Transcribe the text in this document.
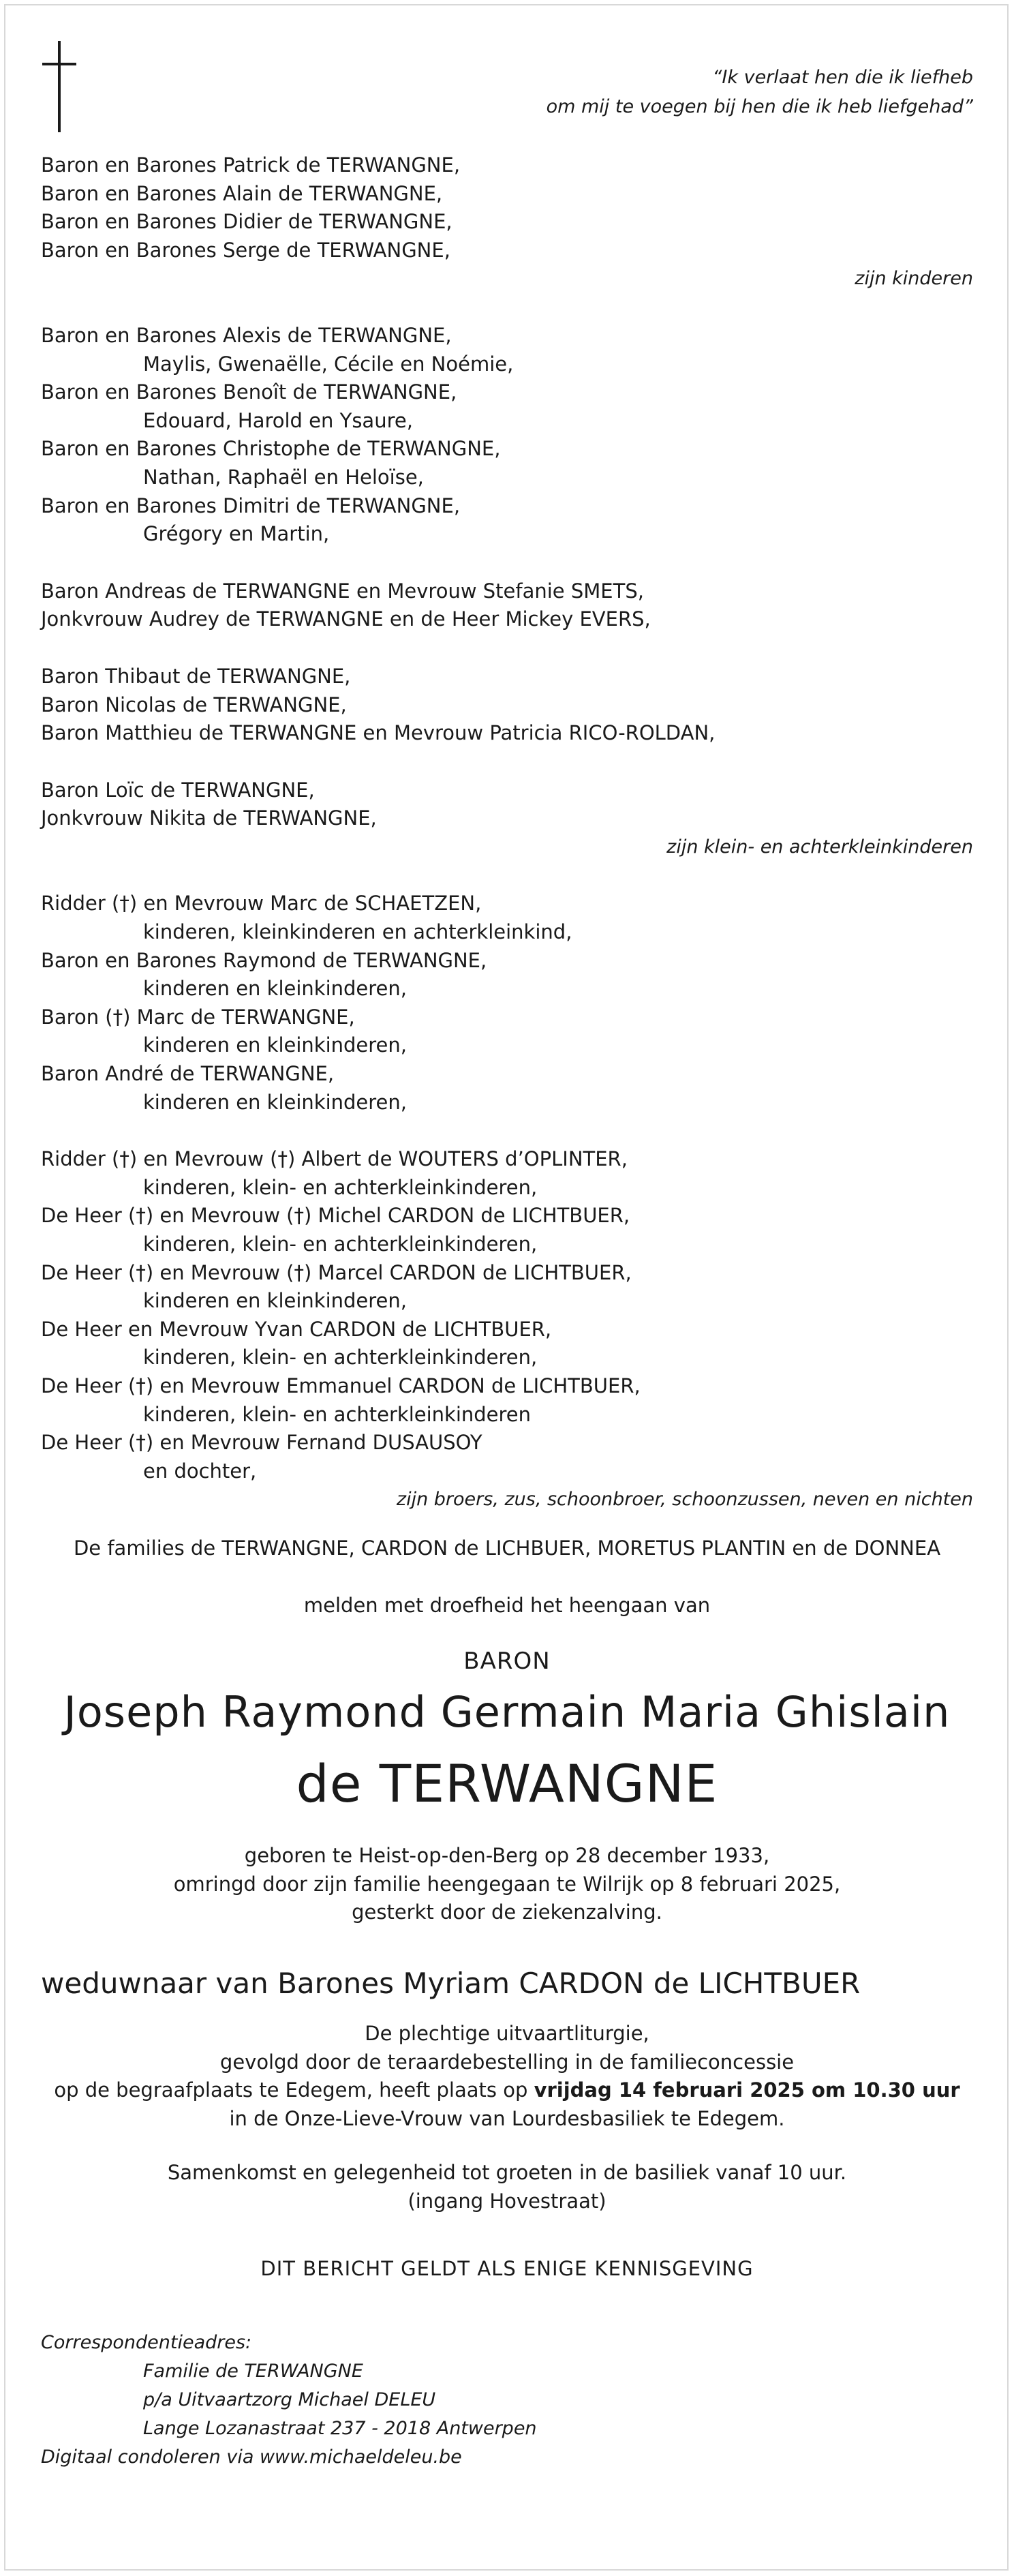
“Ik verlaat hen die ik liefheb
om mij te voegen bij hen die ik heb liefgehad”
Baron en Barones Patrick de TERWANGNE,
Baron en Barones Alain de TERWANGNE,
Baron en Barones Didier de TERWANGNE,
Baron en Barones Serge de TERWANGNE,
zijn kinderen
Baron en Barones Alexis de TERWANGNE,
Maylis, Gwenaëlle, Cécile en Noémie,
Baron en Barones Benoît de TERWANGNE,
Edouard, Harold en Ysaure,
Baron en Barones Christophe de TERWANGNE,
Nathan, Raphaël en Heloïse,
Baron en Barones Dimitri de TERWANGNE,
Grégory en Martin,
Baron Andreas de TERWANGNE en Mevrouw Stefanie SMETS,
Jonkvrouw Audrey de TERWANGNE en de Heer Mickey EVERS,
Baron Thibaut de TERWANGNE,
Baron Nicolas de TERWANGNE,
Baron Matthieu de TERWANGNE en Mevrouw Patricia RICO-ROLDAN,
Baron Loïc de TERWANGNE,
Jonkvrouw Nikita de TERWANGNE,
zijn klein- en achterkleinkinderen
Ridder (†) en Mevrouw Marc de SCHAETZEN,
kinderen, kleinkinderen en achterkleinkind,
Baron en Barones Raymond de TERWANGNE,
kinderen en kleinkinderen,
Baron (†) Marc de TERWANGNE,
kinderen en kleinkinderen,
Baron André de TERWANGNE,
kinderen en kleinkinderen,
Ridder (†) en Mevrouw (†) Albert de WOUTERS d’OPLINTER,
kinderen, klein- en achterkleinkinderen,
De Heer (†) en Mevrouw (†) Michel CARDON de LICHTBUER,
kinderen, klein- en achterkleinkinderen,
De Heer (†) en Mevrouw (†) Marcel CARDON de LICHTBUER,
kinderen en kleinkinderen,
De Heer en Mevrouw Yvan CARDON de LICHTBUER,
kinderen, klein- en achterkleinkinderen,
De Heer (†) en Mevrouw Emmanuel CARDON de LICHTBUER,
kinderen, klein- en achterkleinkinderen
De Heer (†) en Mevrouw Fernand DUSAUSOY
en dochter,
zijn broers, zus, schoonbroer, schoonzussen, neven en nichten
De families de TERWANGNE, CARDON de LICHBUER, MORETUS PLANTIN en de DONNEA
melden met droefheid het heengaan van
BARON
Joseph Raymond Germain Maria Ghislain
de TERWANGNE
geboren te Heist-op-den-Berg op 28 december 1933,
omringd door zijn familie heengegaan te Wilrijk op 8 februari 2025,
gesterkt door de ziekenzalving.
weduwnaar van Barones Myriam CARDON de LICHTBUER
De plechtige uitvaartliturgie,
gevolgd door de teraardebestelling in de familieconcessie
op de begraafplaats te Edegem, heeft plaats op vrijdag 14 februari 2025 om 10.30 uur
in de Onze-Lieve-Vrouw van Lourdesbasiliek te Edegem.
Samenkomst en gelegenheid tot groeten in de basiliek vanaf 10 uur.
(ingang Hovestraat)
DIT BERICHT GELDT ALS ENIGE KENNISGEVING
Correspondentieadres:
Familie de TERWANGNE
p/a Uitvaartzorg Michael DELEU
Lange Lozanastraat 237 - 2018 Antwerpen
Digitaal condoleren via www.michaeldeleu.be
